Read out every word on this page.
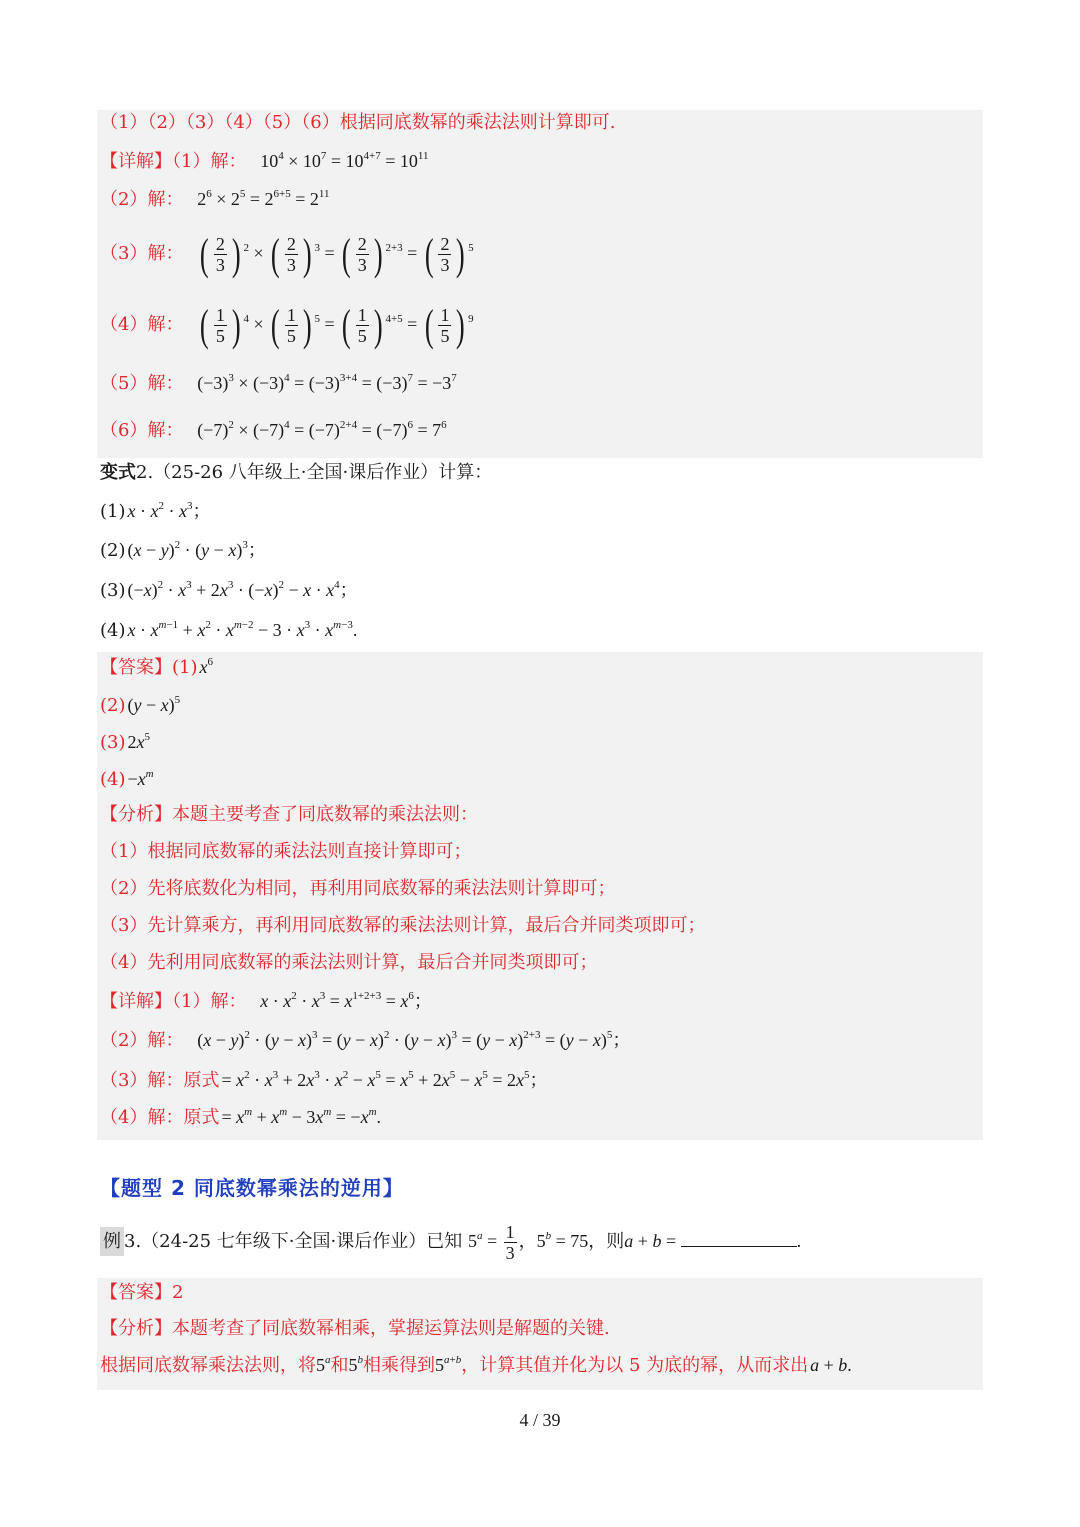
（1）（2）（3）（4）（5）（6）根据同底数幂的乘法法则计算即可.
【详解】（1）解： $10^4 \times 10^7 = 10^{4+7} = 10^{11}$
（2）解： $2^6 \times 2^5 = 2^{6+5} = 2^{11}$
（3）解： ( $\frac{2}{3}$ ) $^2$ × ( $\frac{2}{3}$ ) $^3$ = ( $\frac{2}{3}$ ) $^{2+3}$ = ( $\frac{2}{3}$ ) $^5$
（4）解： ( $\frac{1}{5}$ ) $^4$ × ( $\frac{1}{5}$ ) $^5$ = ( $\frac{1}{5}$ ) $^{4+5}$ = ( $\frac{1}{5}$ ) $^9$
（5）解： $(-3)^3 \times (-3)^4 = (-3)^{3+4} = (-3)^7 = -3^7$
（6）解： $(-7)^2 \times (-7)^4 = (-7)^{2+4} = (-7)^6 = 7^6$
变式2.（25-26 八年级上·全国·课后作业）计算：
(1) $x \cdot x^2 \cdot x^3$；
(2) $(x - y)^2 \cdot (y - x)^3$；
(3) $(-x)^2 \cdot x^3 + 2x^3 \cdot (-x)^2 - x \cdot x^4$；
(4) $x \cdot x^{m-1} + x^2 \cdot x^{m-2} - 3 \cdot x^3 \cdot x^{m-3}$.
【答案】(1) $x^6$
(2) $(y - x)^5$
(3) $2x^5$
$(4) -x^m$
【分析】本题主要考查了同底数幂的乘法法则：
（1）根据同底数幂的乘法法则直接计算即可；
（2）先将底数化为相同，再利用同底数幂的乘法法则计算即可；
（3）先计算乘方，再利用同底数幂的乘法法则计算，最后合并同类项即可；
（4）先利用同底数幂的乘法法则计算，最后合并同类项即可；
【详解】（1）解： $x \cdot x^2 \cdot x^3 = x^{1+2+3} = x^6$；
（2）解： $(x - y)^2 \cdot (y - x)^3 = (y - x)^2 \cdot (y - x)^3 = (y - x)^{2+3} = (y - x)^5$；
（3）解：原式 = $x^2 \cdot x^3 + 2x^3 \cdot x^2 - x^5 = x^5 + 2x^5 - x^5 = 2x^5$；
（4）解：原式 = $x^m + x^m - 3x^m = -x^m$.
【题型 2 同底数幂乘法的逆用】
例 3.（24-25 七年级下·全国·课后作业）已知 $5^a = \frac{1}{3}$ ，$5^b = 75$，则a + b =	.
【答案】2
【分析】本题考查了同底数幂相乘，掌握运算法则是解题的关键.
根据同底数幂乘法法则，将5$^a$和5$^b$相乘得到$5^{a+b}$，计算其值并化为以 5 为底的幂，从而求出 a + b.
4 / 39
